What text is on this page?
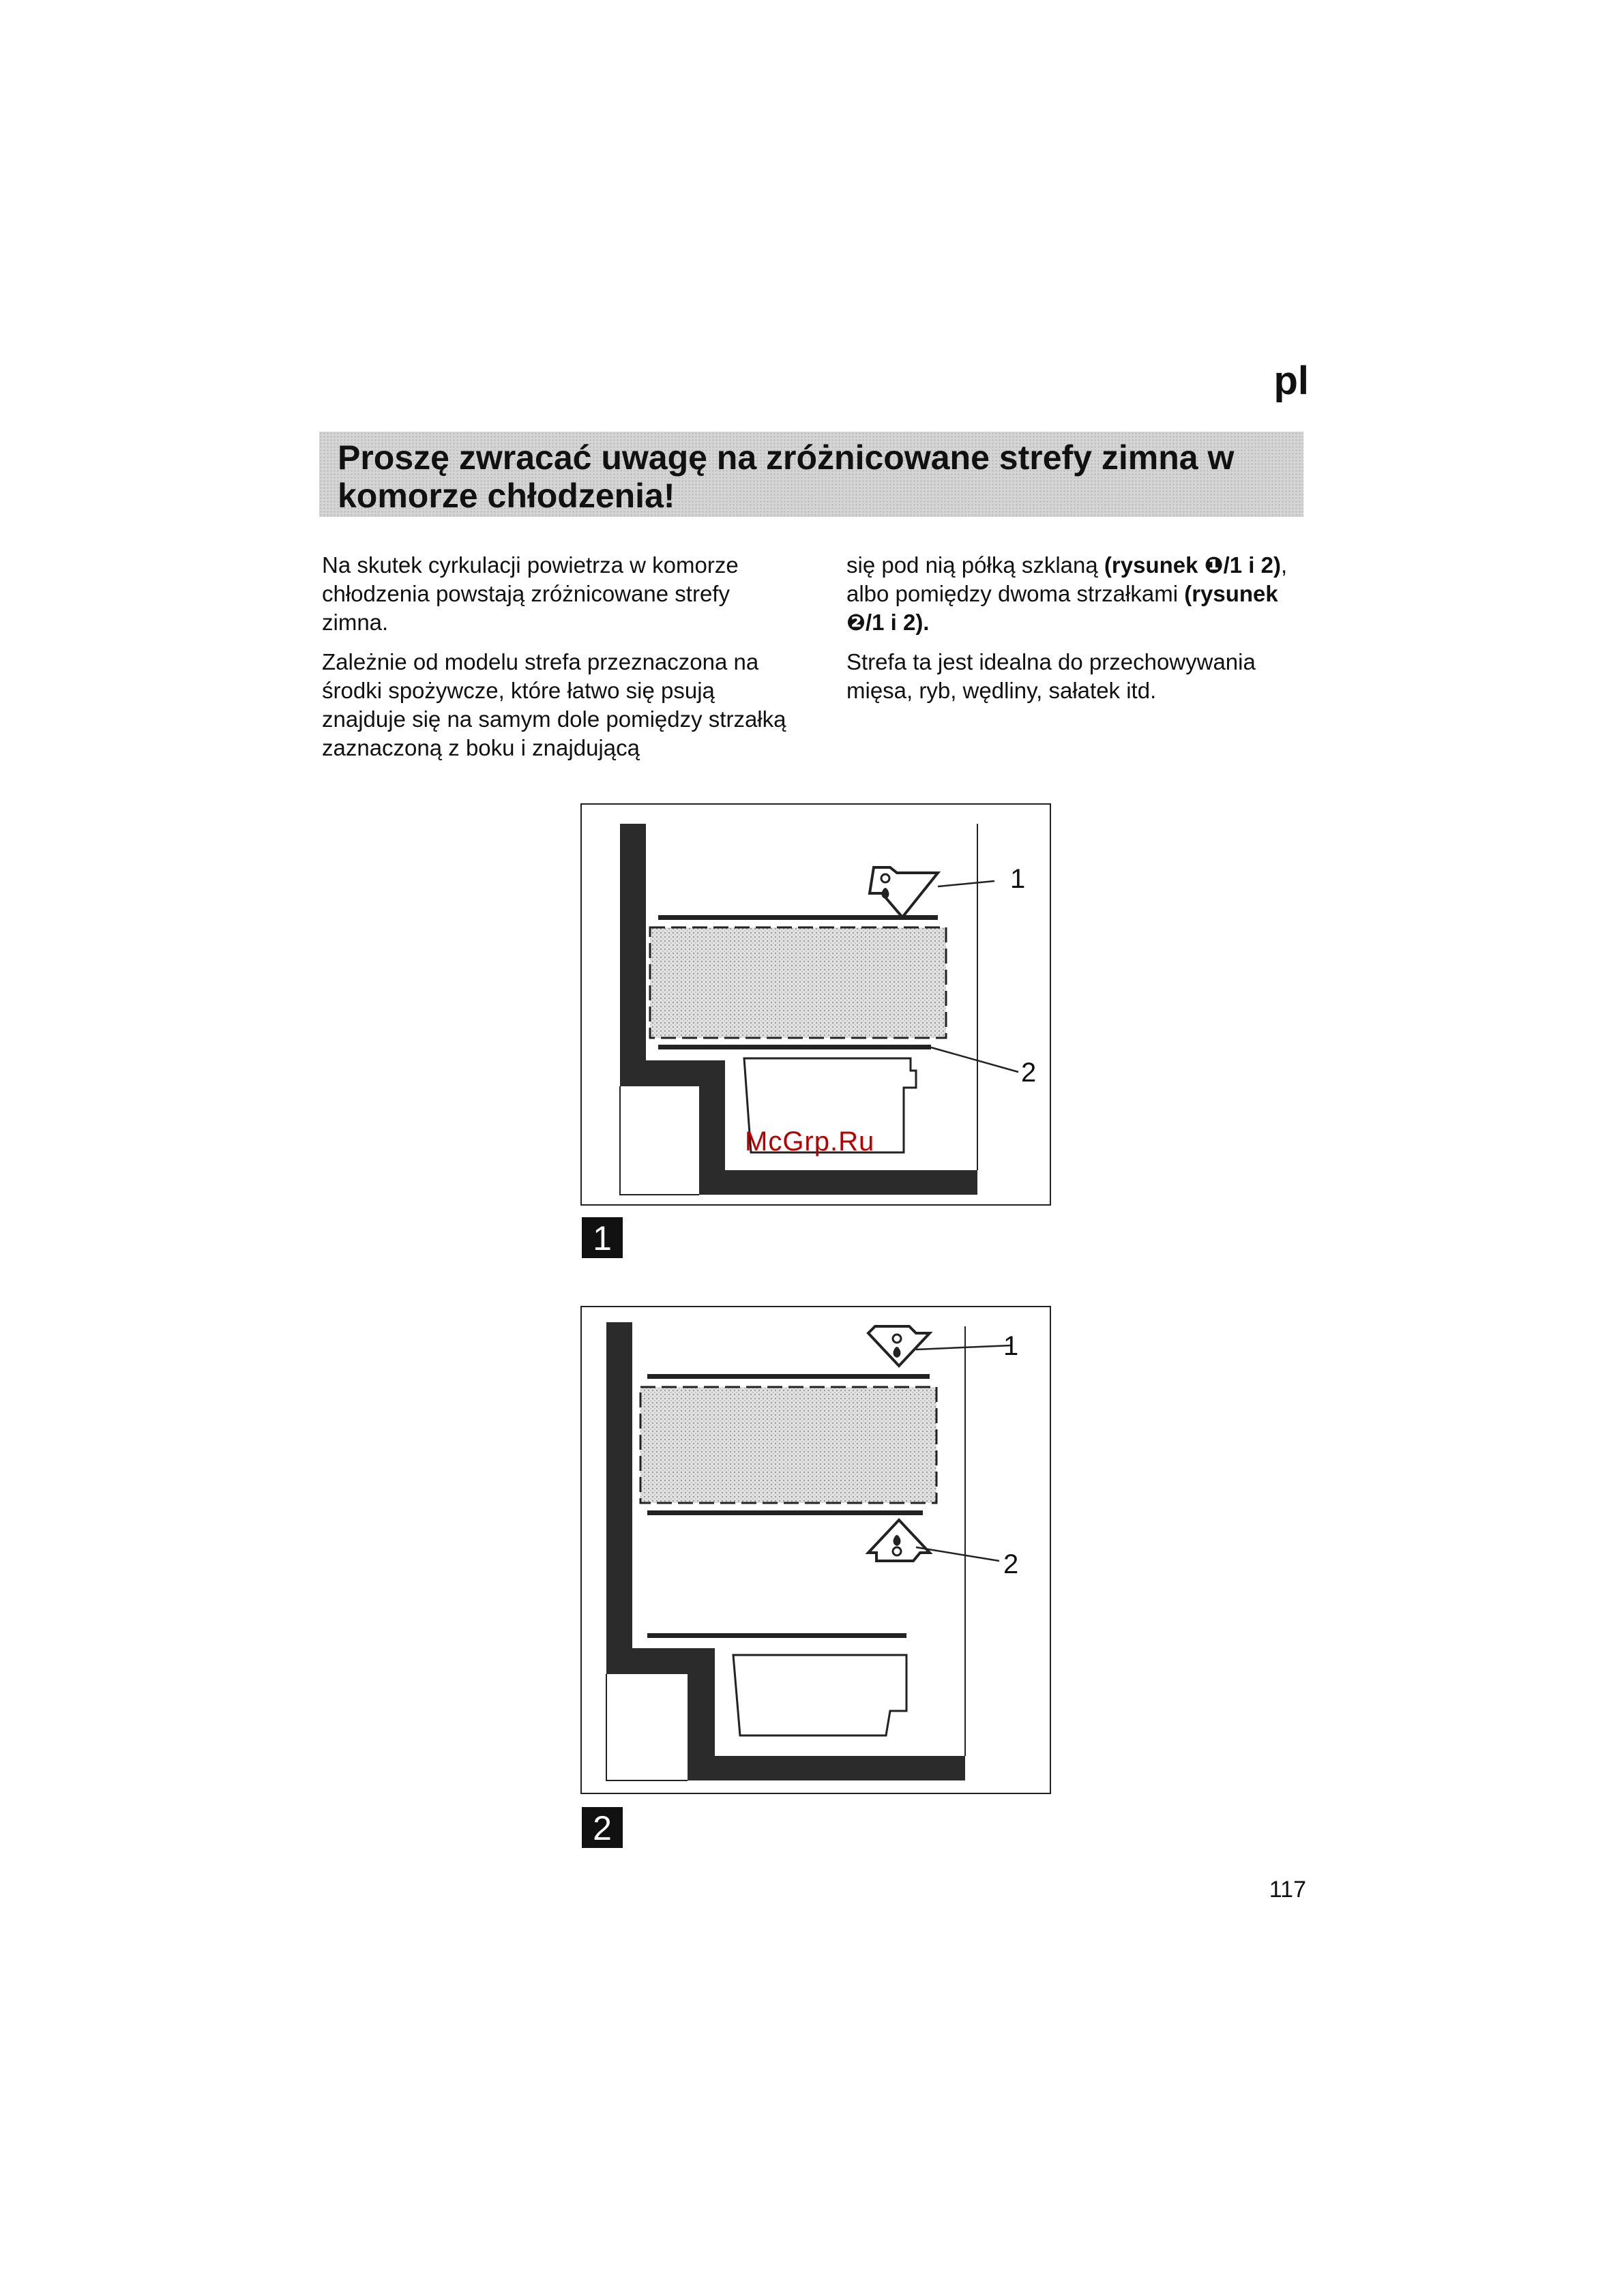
pl
Proszę zwracać uwagę na zróżnicowane strefy zimna w komorze chłodzenia!

Na skutek cyrkulacji powietrza w komorze chłodzenia powstają zróżnicowane strefy zimna.

Zależnie od modelu strefa przeznaczona na środki spożywcze, które łatwo się psują znajduje się na samym dole pomiędzy strzałką zaznaczoną z boku i znajdującą

się pod nią półką szklaną (rysunek ❶/1 i 2), albo pomiędzy dwoma strzałkami (rysunek ❷/1 i 2).

Strefa ta jest idealna do przechowywania mięsa, ryb, wędliny, sałatek itd.

1
2
McGrp.Ru
1
1
2
2
117
